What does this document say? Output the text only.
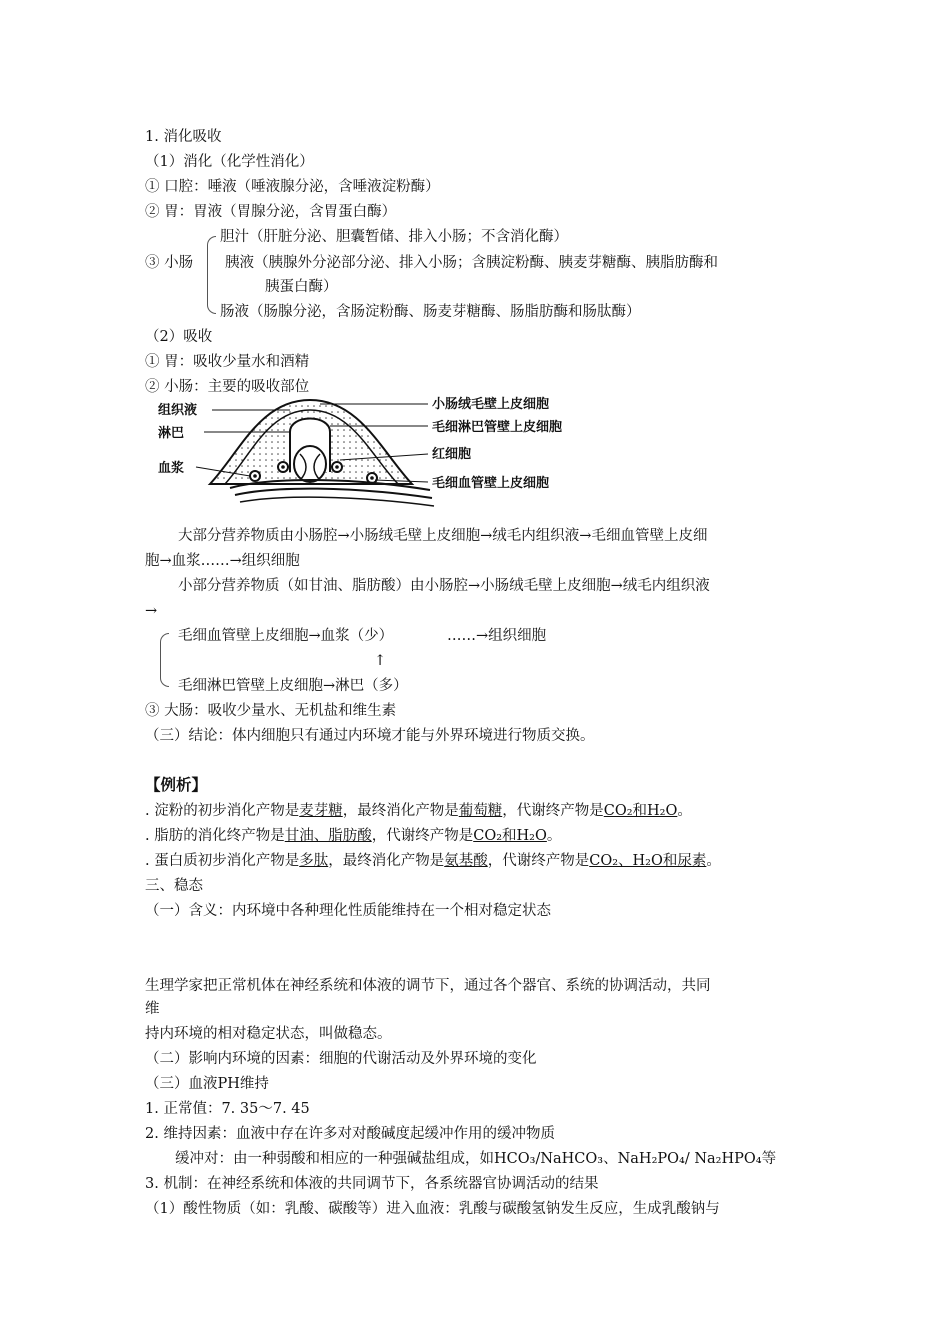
1. 消化吸收
（1）消化（化学性消化）
① 口腔：唾液（唾液腺分泌，含唾液淀粉酶）
② 胃：胃液（胃腺分泌，含胃蛋白酶）
③ 小肠
胆汁（肝脏分泌、胆囊暂储、排入小肠；不含消化酶）
胰液（胰腺外分泌部分泌、排入小肠；含胰淀粉酶、胰麦芽糖酶、胰脂肪酶和
胰蛋白酶）
肠液（肠腺分泌，含肠淀粉酶、肠麦芽糖酶、肠脂肪酶和肠肽酶）
（2）吸收
① 胃：吸收少量水和酒精
② 小肠：主要的吸收部位
组织液
淋巴
血浆
小肠绒毛壁上皮细胞
毛细淋巴管壁上皮细胞
红细胞
毛细血管壁上皮细胞
大部分营养物质由小肠腔→小肠绒毛壁上皮细胞→绒毛内组织液→毛细血管壁上皮细
胞→血浆……→组织细胞
小部分营养物质（如甘油、脂肪酸）由小肠腔→小肠绒毛壁上皮细胞→绒毛内组织液
→
毛细血管壁上皮细胞→血浆（少）	……→组织细胞
↑
毛细淋巴管壁上皮细胞→淋巴（多）
③ 大肠：吸收少量水、无机盐和维生素
（三）结论：体内细胞只有通过内环境才能与外界环境进行物质交换。
【例析】
. 淀粉的初步消化产物是麦芽糖，最终消化产物是葡萄糖，代谢终产物是CO₂和H₂O。
. 脂肪的消化终产物是甘油、脂肪酸，代谢终产物是CO₂和H₂O。
. 蛋白质初步消化产物是多肽，最终消化产物是氨基酸，代谢终产物是CO₂、H₂O和尿素。
三、稳态
（一）含义：内环境中各种理化性质能维持在一个相对稳定状态
生理学家把正常机体在神经系统和体液的调节下，通过各个器官、系统的协调活动，共同
维
持内环境的相对稳定状态，叫做稳态。
（二）影响内环境的因素：细胞的代谢活动及外界环境的变化
（三）血液PH维持
1. 正常值：7. 35～7. 45
2. 维持因素：血液中存在许多对对酸碱度起缓冲作用的缓冲物质
缓冲对：由一种弱酸和相应的一种强碱盐组成，如HCO₃/NaHCO₃、NaH₂PO₄/ Na₂HPO₄等
3. 机制：在神经系统和体液的共同调节下，各系统器官协调活动的结果
（1）酸性物质（如：乳酸、碳酸等）进入血液：乳酸与碳酸氢钠发生反应，生成乳酸钠与
